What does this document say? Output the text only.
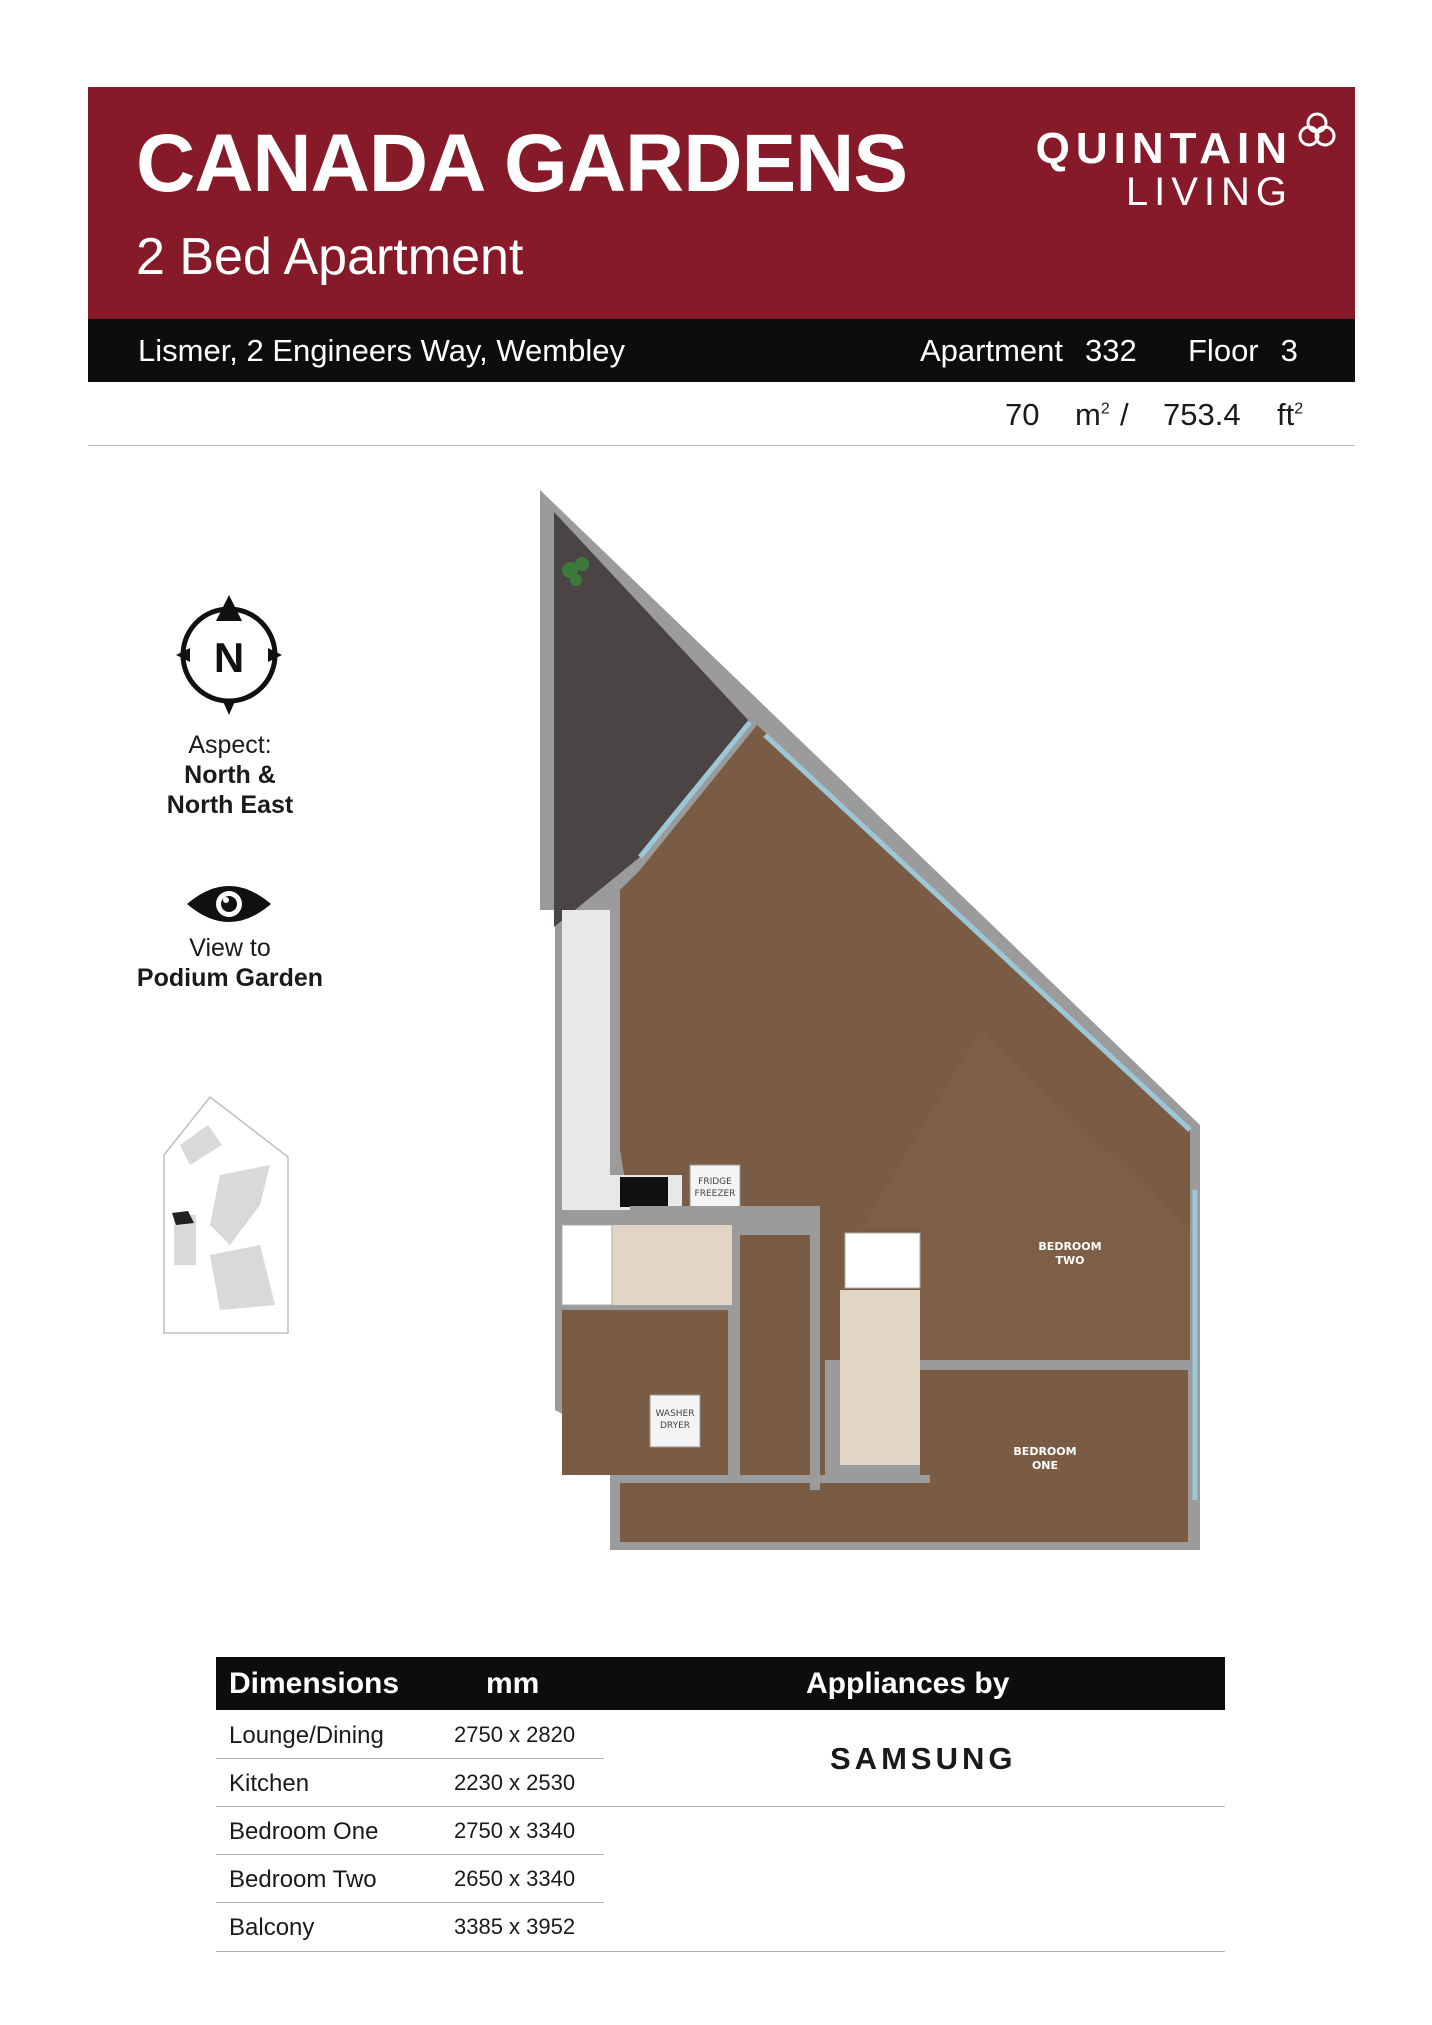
CANADA GARDENS
2 Bed Apartment
QUINTAIN
LIVING
Lismer, 2 Engineers Way, Wembley	Apartment 332 Floor 3
70 $m^2 / 753.4$ $ft^2$
N
Aspect:
North &
North East
View to
Podium Garden
FRIDGE
FREEZER
WASHER
DRYER
BEDROOM
TWO
BEDROOM
ONE
Dimensions	mm	Appliances by
Lounge/Dining	2750 x 2820
Kitchen	2230 x 2530
Bedroom One	2750 x 3340
Bedroom Two	2650 x 3340
Balcony	3385 x 3952
SAMSUNG
